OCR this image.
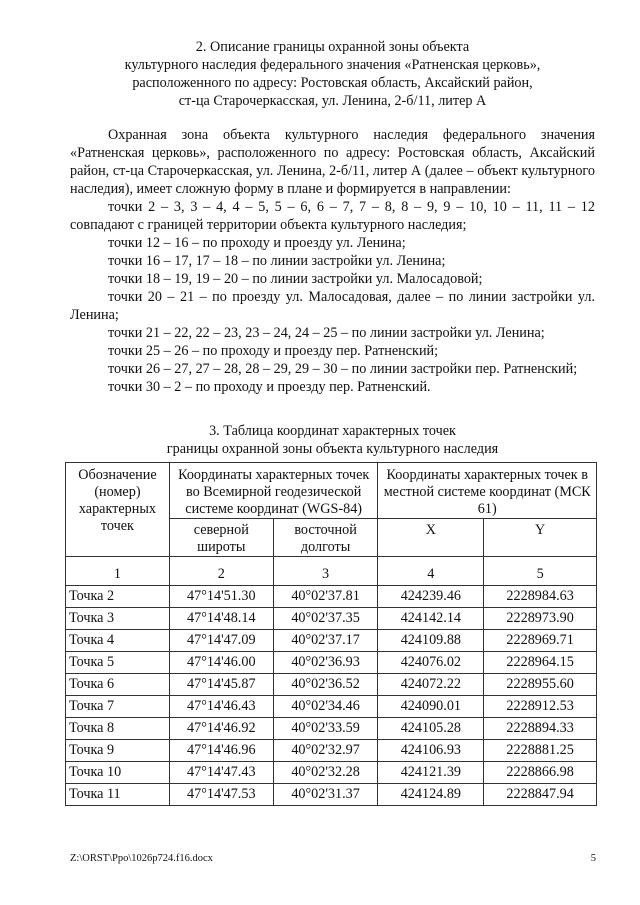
2. Описание границы охранной зоны объекта
культурного наследия федерального значения «Ратненская церковь»,
расположенного по адресу: Ростовская область, Аксайский район,
ст-ца Старочеркасская, ул. Ленина, 2-б/11, литер А

Охранная зона объекта культурного наследия федерального значения «Ратненская церковь», расположенного по адресу: Ростовская область, Аксайский район, ст-ца Старочеркасская, ул. Ленина, 2-б/11, литер А (далее – объект культурного наследия), имеет сложную форму в плане и формируется в направлении:

точки 2 – 3, 3 – 4, 4 – 5, 5 – 6, 6 – 7, 7 – 8, 8 – 9, 9 – 10, 10 – 11, 11 – 12 совпадают с границей территории объекта культурного наследия;

точки 12 – 16 – по проходу и проезду ул. Ленина;

точки 16 – 17, 17 – 18 – по линии застройки ул. Ленина;

точки 18 – 19, 19 – 20 – по линии застройки ул. Малосадовой;

точки 20 – 21 – по проезду ул. Малосадовая, далее – по линии застройки ул. Ленина;

точки 21 – 22, 22 – 23, 23 – 24, 24 – 25 – по линии застройки ул. Ленина;

точки 25 – 26 – по проходу и проезду пер. Ратненский;

точки 26 – 27, 27 – 28, 28 – 29, 29 – 30 – по линии застройки пер. Ратненский;

точки 30 – 2 – по проходу и проезду пер. Ратненский.

3. Таблица координат характерных точек
границы охранной зоны объекта культурного наследия
Обозначение (номер) характерных точек	Координаты характерных точек во Всемирной геодезической системе координат (WGS-84)		Координаты характерных точек в местной системе координат (МСК 61)	
	северной широты	восточной долготы	X	Y
1	2	3	4	5
Точка 2	47°14'51.30	40°02'37.81	424239.46	2228984.63
Точка 3	47°14'48.14	40°02'37.35	424142.14	2228973.90
Точка 4	47°14'47.09	40°02'37.17	424109.88	2228969.71
Точка 5	47°14'46.00	40°02'36.93	424076.02	2228964.15
Точка 6	47°14'45.87	40°02'36.52	424072.22	2228955.60
Точка 7	47°14'46.43	40°02'34.46	424090.01	2228912.53
Точка 8	47°14'46.92	40°02'33.59	424105.28	2228894.33
Точка 9	47°14'46.96	40°02'32.97	424106.93	2228881.25
Точка 10	47°14'47.43	40°02'32.28	424121.39	2228866.98
Точка 11	47°14'47.53	40°02'31.37	424124.89	2228847.94
Z:\ORST\Ppo\1026p724.f16.docx	5
